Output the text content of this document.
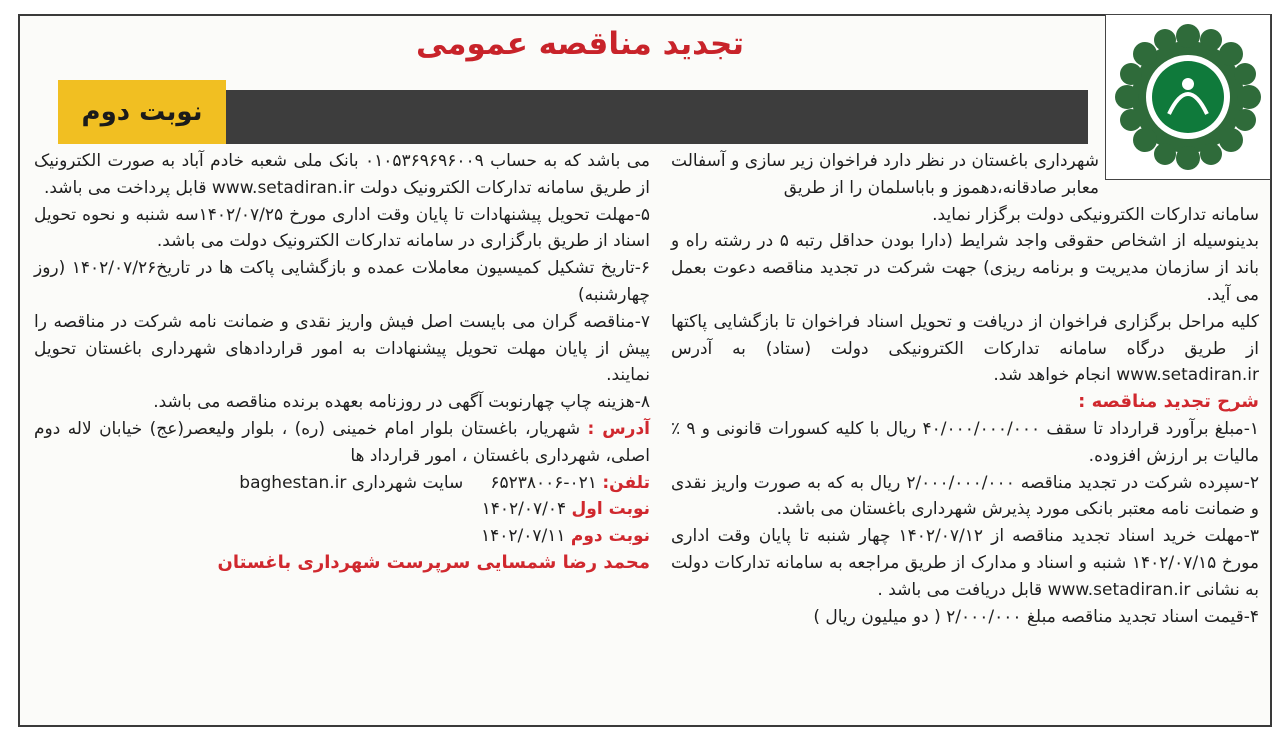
تجدید مناقصه عمومی
نوبت دوم

شهرداری باغستان در نظر دارد فراخوان زیر سازی و آسفالت معابر صادقانه،دهموز و باباسلمان را از طریق

سامانه تدارکات الکترونیکی دولت برگزار نماید.

بدینوسیله از اشخاص حقوقی واجد شرایط (دارا بودن حداقل رتبه ۵ در رشته راه و باند از سازمان مدیریت و برنامه ریزی) جهت شرکت در تجدید مناقصه دعوت بعمل می آید.

کلیه مراحل برگزاری فراخوان از دریافت و تحویل اسناد فراخوان تا بازگشایی پاکتها از طریق درگاه سامانه تدارکات الکترونیکی دولت (ستاد) به آدرس www.setadiran.ir انجام خواهد شد.

شرح تجدید مناقصه :

۱-مبلغ برآورد قرارداد تا سقف ۴۰/۰۰۰/۰۰۰/۰۰۰ ریال با کلیه کسورات قانونی و ۹ ٪ مالیات بر ارزش افزوده.

۲-سپرده شرکت در تجدید مناقصه ۲/۰۰۰/۰۰۰/۰۰۰ ریال به که به صورت واریز نقدی و ضمانت نامه معتبر بانکی مورد پذیرش شهرداری باغستان می باشد.

۳-مهلت خرید اسناد تجدید مناقصه از ۱۴۰۲/۰۷/۱۲ چهار شنبه تا پایان وقت اداری مورخ ۱۴۰۲/۰۷/۱۵ شنبه و اسناد و مدارک از طریق مراجعه به سامانه تدارکات دولت به نشانی www.setadiran.ir قابل دریافت می باشد .

۴-قیمت اسناد تجدید مناقصه مبلغ ۲/۰۰۰/۰۰۰ ( دو میلیون ریال )

می باشد که به حساب ۰۱۰۵۳۶۹۶۹۶۰۰۹ بانک ملی شعبه خادم آباد به صورت الکترونیک از طریق سامانه تدارکات الکترونیک دولت www.setadiran.ir قابل پرداخت می باشد.

۵-مهلت تحویل پیشنهادات تا پایان وقت اداری مورخ ۱۴۰۲/۰۷/۲۵سه شنبه و نحوه تحویل اسناد از طریق بارگزاری در سامانه تدارکات الکترونیک دولت می باشد.

۶-تاریخ تشکیل کمیسیون معاملات عمده و بازگشایی پاکت ها در تاریخ۱۴۰۲/۰۷/۲۶ (روز چهارشنبه)

۷-مناقصه گران می بایست اصل فیش واریز نقدی و ضمانت نامه شرکت در مناقصه را پیش از پایان مهلت تحویل پیشنهادات به امور قراردادهای شهرداری باغستان تحویل نمایند.

۸-هزینه چاپ چهارنوبت آگهی در روزنامه بعهده برنده مناقصه می باشد.

آدرس : شهریار، باغستان بلوار امام خمینی (ره) ، بلوار ولیعصر(عج) خیابان لاله دوم اصلی، شهرداری باغستان ، امور قرارداد ها

تلفن: ۰۲۱-۶۵۲۳۸۰۰۶     سایت شهرداری baghestan.ir

نوبت اول ۱۴۰۲/۰۷/۰۴

نوبت دوم ۱۴۰۲/۰۷/۱۱

محمد رضا شمسایی سرپرست شهرداری باغستان
